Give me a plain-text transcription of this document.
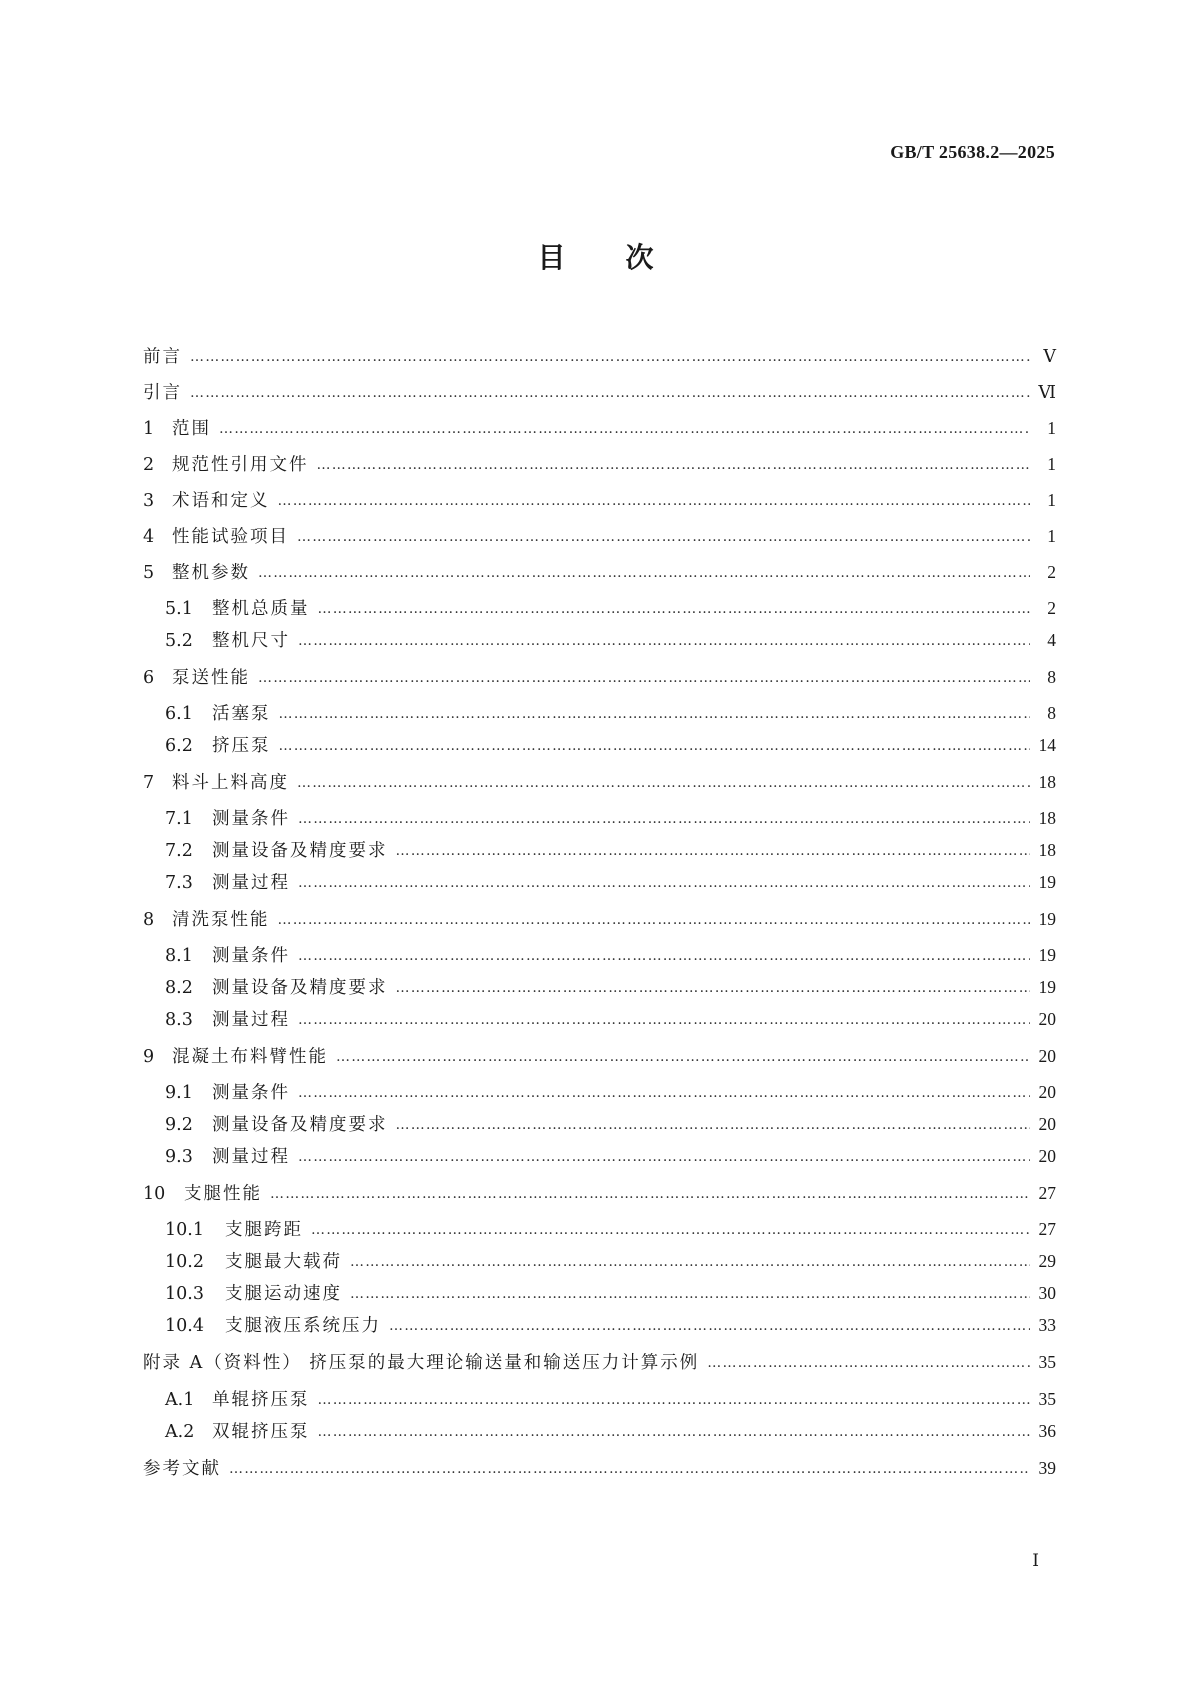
GB/T 25638.2—2025
目次
前言 ……………………………………………………………………………………………………………………………………………………………………………………………………………………………………………………………………………………………………	Ⅴ
引言 ……………………………………………………………………………………………………………………………………………………………………………………………………………………………………………………………………………………………………	Ⅵ
1	范围 ……………………………………………………………………………………………………………………………………………………………………………………………………………………………………………………………………………………………………	1
2	规范性引用文件 ……………………………………………………………………………………………………………………………………………………………………………………………………………………………………………………………………………………………………	1
3	术语和定义 ……………………………………………………………………………………………………………………………………………………………………………………………………………………………………………………………………………………………………	1
4	性能试验项目 ……………………………………………………………………………………………………………………………………………………………………………………………………………………………………………………………………………………………………	1
5	整机参数 ……………………………………………………………………………………………………………………………………………………………………………………………………………………………………………………………………………………………………	2
5.1	整机总质量 ……………………………………………………………………………………………………………………………………………………………………………………………………………………………………………………………………………………………………	2
5.2	整机尺寸 ……………………………………………………………………………………………………………………………………………………………………………………………………………………………………………………………………………………………………	4
6	泵送性能 ……………………………………………………………………………………………………………………………………………………………………………………………………………………………………………………………………………………………………	8
6.1	活塞泵 ……………………………………………………………………………………………………………………………………………………………………………………………………………………………………………………………………………………………………	8
6.2	挤压泵 ……………………………………………………………………………………………………………………………………………………………………………………………………………………………………………………………………………………………………	14
7	料斗上料高度 ……………………………………………………………………………………………………………………………………………………………………………………………………………………………………………………………………………………………………	18
7.1	测量条件 ……………………………………………………………………………………………………………………………………………………………………………………………………………………………………………………………………………………………………	18
7.2	测量设备及精度要求 ……………………………………………………………………………………………………………………………………………………………………………………………………………………………………………………………………………………………………	18
7.3	测量过程 ……………………………………………………………………………………………………………………………………………………………………………………………………………………………………………………………………………………………………	19
8	清洗泵性能 ……………………………………………………………………………………………………………………………………………………………………………………………………………………………………………………………………………………………………	19
8.1	测量条件 ……………………………………………………………………………………………………………………………………………………………………………………………………………………………………………………………………………………………………	19
8.2	测量设备及精度要求 ……………………………………………………………………………………………………………………………………………………………………………………………………………………………………………………………………………………………………	19
8.3	测量过程 ……………………………………………………………………………………………………………………………………………………………………………………………………………………………………………………………………………………………………	20
9	混凝土布料臂性能 ……………………………………………………………………………………………………………………………………………………………………………………………………………………………………………………………………………………………………	20
9.1	测量条件 ……………………………………………………………………………………………………………………………………………………………………………………………………………………………………………………………………………………………………	20
9.2	测量设备及精度要求 ……………………………………………………………………………………………………………………………………………………………………………………………………………………………………………………………………………………………………	20
9.3	测量过程 ……………………………………………………………………………………………………………………………………………………………………………………………………………………………………………………………………………………………………	20
10	支腿性能 ……………………………………………………………………………………………………………………………………………………………………………………………………………………………………………………………………………………………………	27
10.1	支腿跨距 ……………………………………………………………………………………………………………………………………………………………………………………………………………………………………………………………………………………………………	27
10.2	支腿最大载荷 ……………………………………………………………………………………………………………………………………………………………………………………………………………………………………………………………………………………………………	29
10.3	支腿运动速度 ……………………………………………………………………………………………………………………………………………………………………………………………………………………………………………………………………………………………………	30
10.4	支腿液压系统压力 ……………………………………………………………………………………………………………………………………………………………………………………………………………………………………………………………………………………………………	33
附录 A（资料性） 挤压泵的最大理论输送量和输送压力计算示例 ……………………………………………………………………………………………………………………………………………………………………………………………………………………………………………………………………………………………………	35
A.1	单辊挤压泵 ……………………………………………………………………………………………………………………………………………………………………………………………………………………………………………………………………………………………………	35
A.2	双辊挤压泵 ……………………………………………………………………………………………………………………………………………………………………………………………………………………………………………………………………………………………………	36
参考文献 ……………………………………………………………………………………………………………………………………………………………………………………………………………………………………………………………………………………………………	39
Ⅰ
